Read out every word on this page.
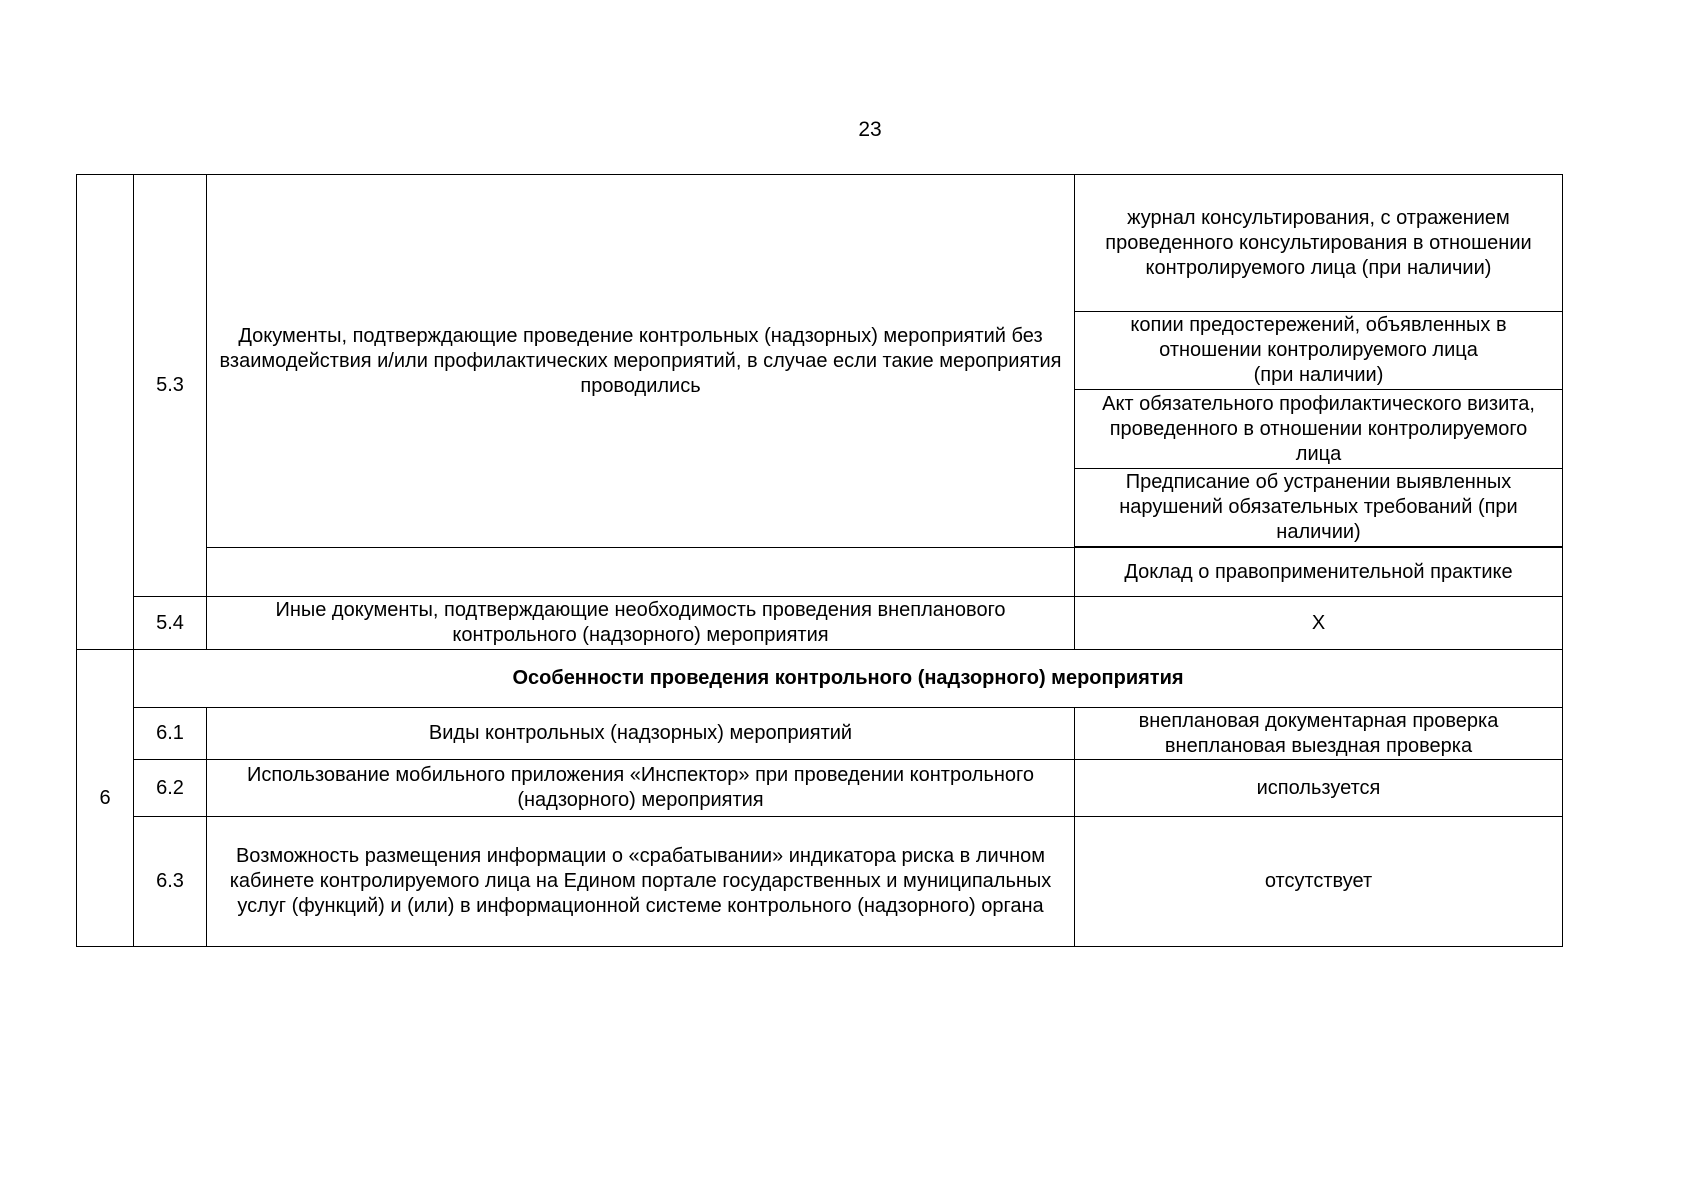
23
	5.3	Документы, подтверждающие проведение контрольных (надзорных) мероприятий без
взаимодействия и/или профилактических мероприятий, в случае если такие мероприятия проводились	журнал консультирования, с отражением проведенного консультирования в отношении контролируемого лица (при наличии)
			копии предостережений, объявленных в отношении контролируемого лица
(при наличии)
			Акт обязательного профилактического визита, проведенного в отношении контролируемого лица
			Предписание об устранении выявленных нарушений обязательных требований (при наличии)

			Доклад о правоприменительной практике
	5.4	Иные документы, подтверждающие необходимость проведения внепланового контрольного (надзорного) мероприятия	Х
6	Особенности проведения контрольного (надзорного) мероприятия		
	6.1	Виды контрольных (надзорных) мероприятий	внеплановая документарная проверка
внеплановая выездная проверка
	6.2	Использование мобильного приложения «Инспектор» при проведении контрольного (надзорного) мероприятия	используется
	6.3	Возможность размещения информации о «срабатывании» индикатора риска в личном
кабинете контролируемого лица на Едином портале государственных и муниципальных услуг (функций) и (или) в информационной системе контрольного (надзорного) органа	отсутствует
